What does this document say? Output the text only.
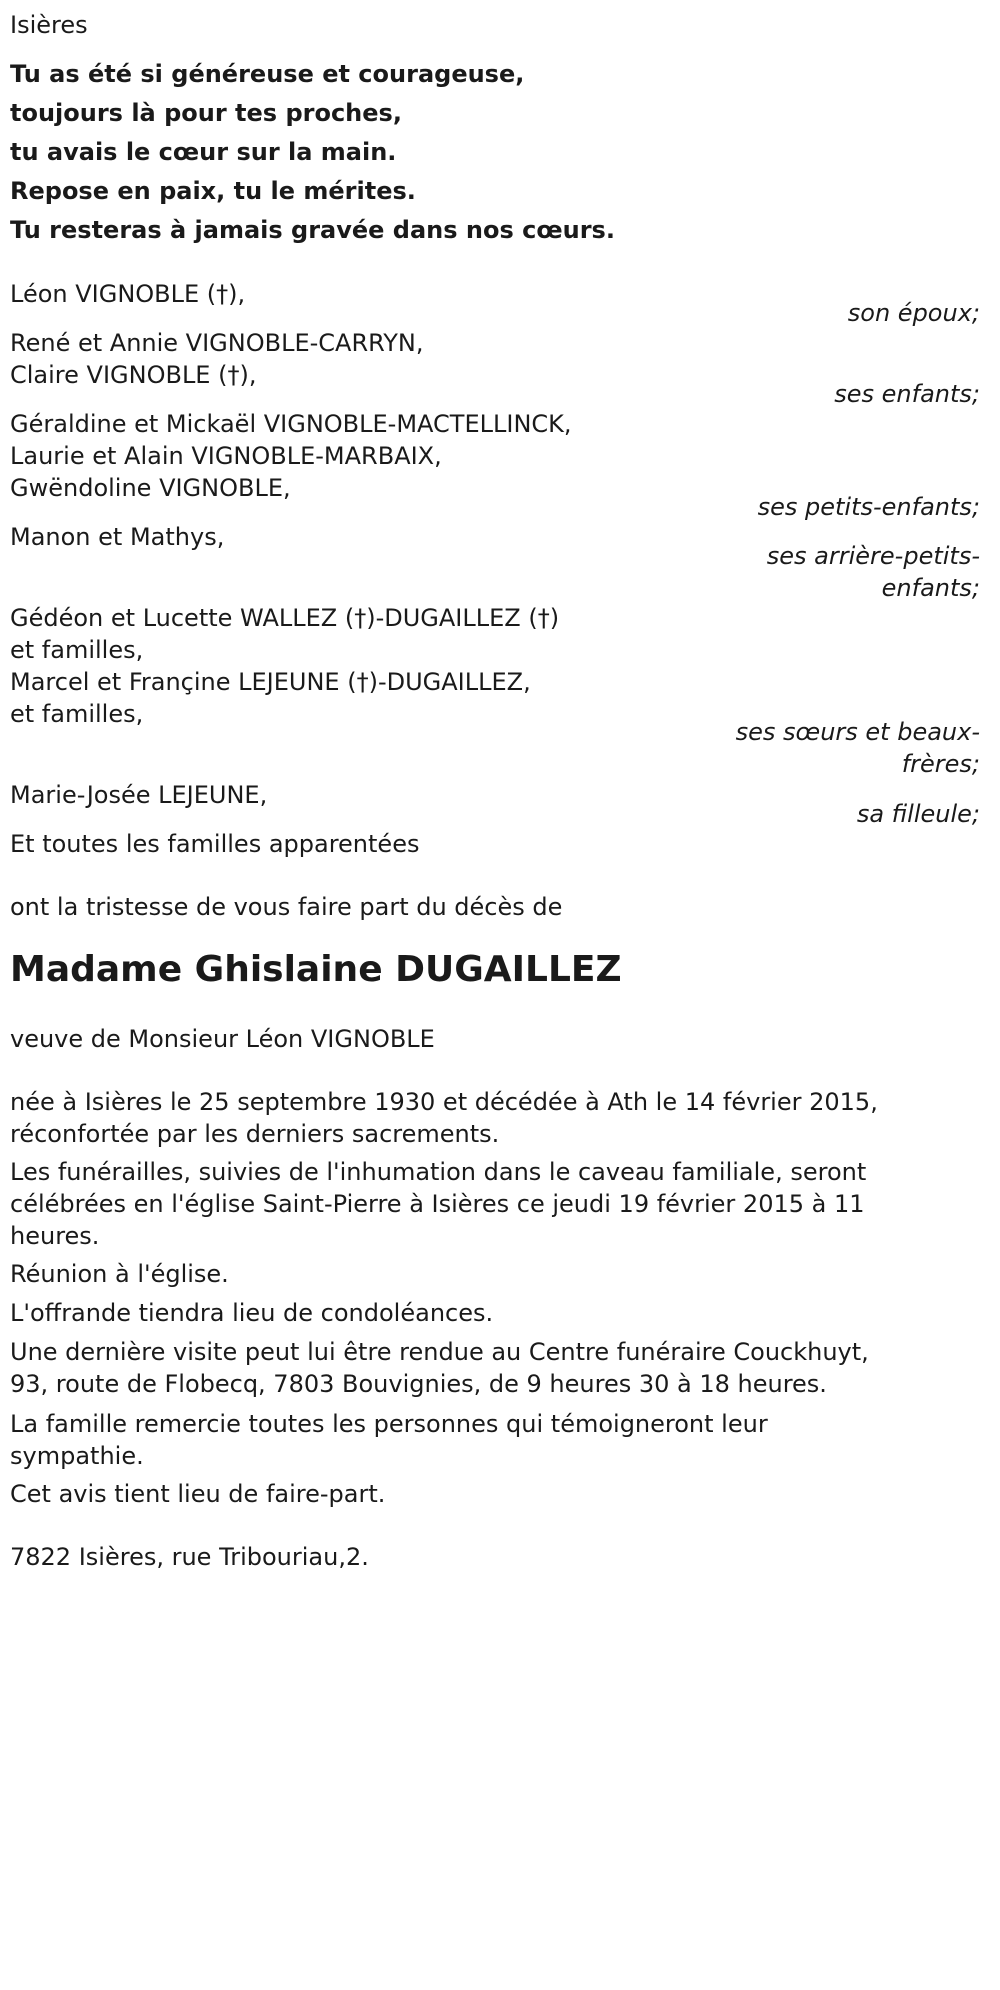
Isières
Tu as été si généreuse et courageuse,
toujours là pour tes proches,
tu avais le cœur sur la main.
Repose en paix, tu le mérites.
Tu resteras à jamais gravée dans nos cœurs.
Léon VIGNOBLE (†),
son époux;
René et Annie VIGNOBLE-CARRYN,
Claire VIGNOBLE (†),
ses enfants;
Géraldine et Mickaël VIGNOBLE-MACTELLINCK,
Laurie et Alain VIGNOBLE-MARBAIX,
Gwëndoline VIGNOBLE,
ses petits-enfants;
Manon et Mathys,
ses arrière-petits-
enfants;
Gédéon et Lucette WALLEZ (†)-DUGAILLEZ (†)
et familles,
Marcel et Françine LEJEUNE (†)-DUGAILLEZ,
et familles,
ses sœurs et beaux-
frères;
Marie-Josée LEJEUNE,
sa filleule;
Et toutes les familles apparentées
ont la tristesse de vous faire part du décès de
Madame Ghislaine DUGAILLEZ
veuve de Monsieur Léon VIGNOBLE
née à Isières le 25 septembre 1930 et décédée à Ath le 14 février 2015,
réconfortée par les derniers sacrements.
Les funérailles, suivies de l'inhumation dans le caveau familiale, seront
célébrées en l'église Saint-Pierre à Isières ce jeudi 19 février 2015 à 11
heures.
Réunion à l'église.
L'offrande tiendra lieu de condoléances.
Une dernière visite peut lui être rendue au Centre funéraire Couckhuyt,
93, route de Flobecq, 7803 Bouvignies, de 9 heures 30 à 18 heures.
La famille remercie toutes les personnes qui témoigneront leur
sympathie.
Cet avis tient lieu de faire-part.
7822 Isières, rue Tribouriau,2.
